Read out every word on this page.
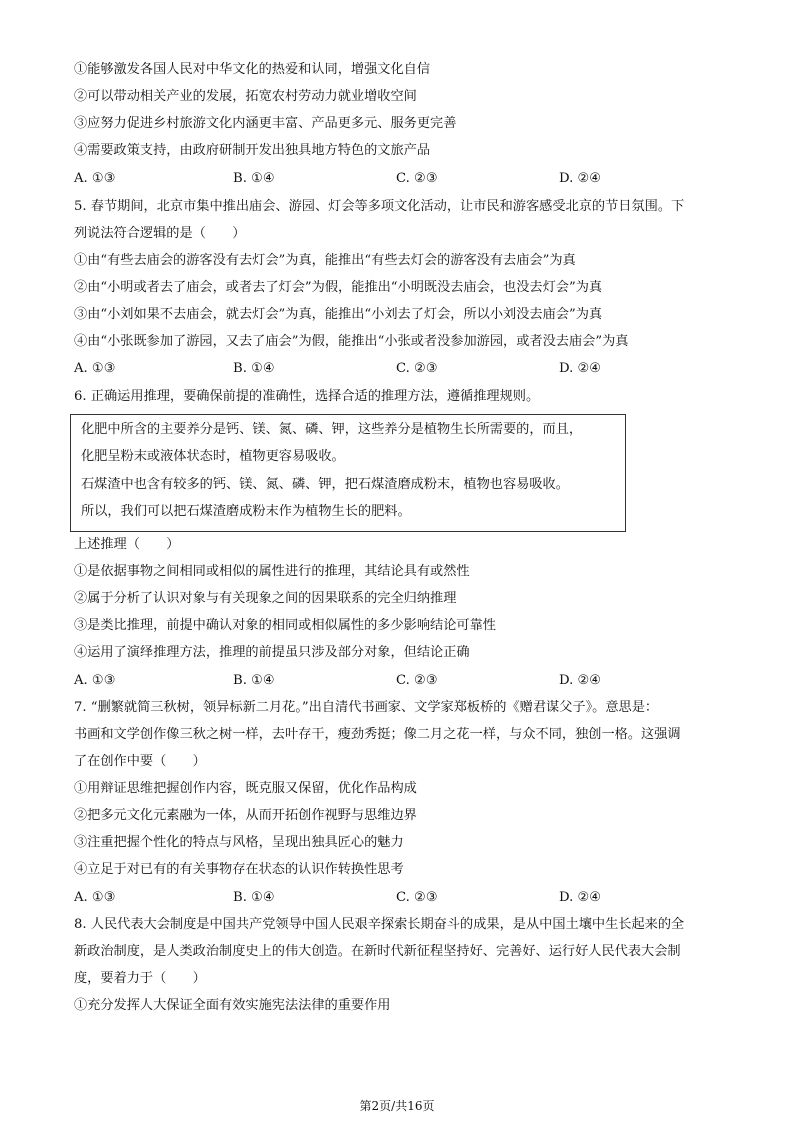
①能够激发各国人民对中华文化的热爱和认同，增强文化自信
②可以带动相关产业的发展，拓宽农村劳动力就业增收空间
③应努力促进乡村旅游文化内涵更丰富、产品更多元、服务更完善
④需要政策支持，由政府研制开发出独具地方特色的文旅产品
A. ①③	B. ①④	C. ②③	D. ②④
5. 春节期间，北京市集中推出庙会、游园、灯会等多项文化活动，让市民和游客感受北京的节日氛围。下
列说法符合逻辑的是（　　）
①由“有些去庙会的游客没有去灯会”为真，能推出“有些去灯会的游客没有去庙会”为真
②由“小明或者去了庙会，或者去了灯会”为假，能推出“小明既没去庙会，也没去灯会”为真
③由“小刘如果不去庙会，就去灯会”为真，能推出“小刘去了灯会，所以小刘没去庙会”为真
④由“小张既参加了游园，又去了庙会”为假，能推出“小张或者没参加游园，或者没去庙会”为真
A. ①③	B. ①④	C. ②③	D. ②④
6. 正确运用推理，要确保前提的准确性，选择合适的推理方法，遵循推理规则。
化肥中所含的主要养分是钙、镁、氮、磷、钾，这些养分是植物生长所需要的，而且，
化肥呈粉末或液体状态时，植物更容易吸收。
石煤渣中也含有较多的钙、镁、氮、磷、钾，把石煤渣磨成粉末，植物也容易吸收。
所以，我们可以把石煤渣磨成粉末作为植物生长的肥料。
上述推理（　　）
①是依据事物之间相同或相似的属性进行的推理，其结论具有或然性
②属于分析了认识对象与有关现象之间的因果联系的完全归纳推理
③是类比推理，前提中确认对象的相同或相似属性的多少影响结论可靠性
④运用了演绎推理方法，推理的前提虽只涉及部分对象，但结论正确
A. ①③	B. ①④	C. ②③	D. ②④
7. “删繁就简三秋树，领异标新二月花。”出自清代书画家、文学家郑板桥的《赠君谋父子》。意思是：
书画和文学创作像三秋之树一样，去叶存干，瘦劲秀挺；像二月之花一样，与众不同，独创一格。这强调
了在创作中要（　　）
①用辩证思维把握创作内容，既克服又保留，优化作品构成
②把多元文化元素融为一体，从而开拓创作视野与思维边界
③注重把握个性化的特点与风格，呈现出独具匠心的魅力
④立足于对已有的有关事物存在状态的认识作转换性思考
A. ①③	B. ①④	C. ②③	D. ②④
8. 人民代表大会制度是中国共产党领导中国人民艰辛探索长期奋斗的成果，是从中国土壤中生长起来的全
新政治制度，是人类政治制度史上的伟大创造。在新时代新征程坚持好、完善好、运行好人民代表大会制
度，要着力于（　　）
①充分发挥人大保证全面有效实施宪法法律的重要作用
第2页/共16页
